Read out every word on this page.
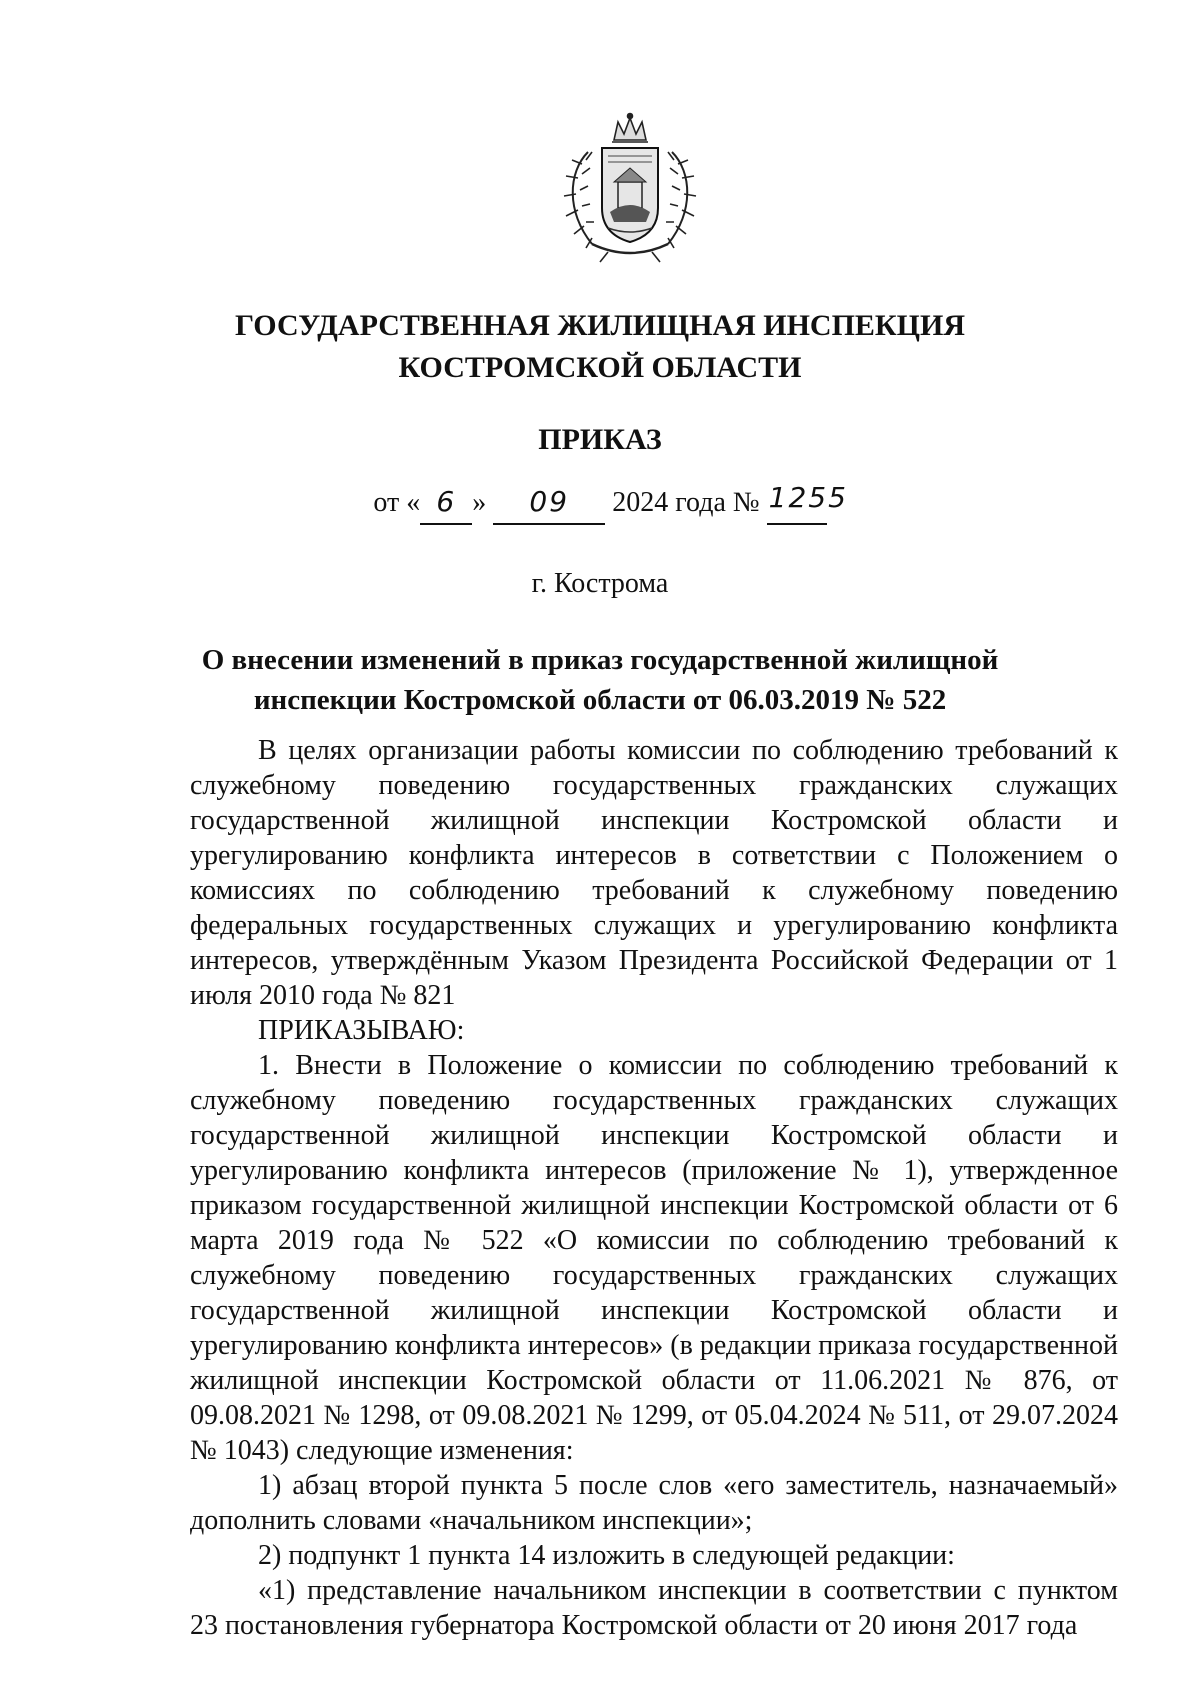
ГОСУДАРСТВЕННАЯ ЖИЛИЩНАЯ ИНСПЕКЦИЯ
КОСТРОМСКОЙ ОБЛАСТИ
ПРИКАЗ
от « 6 » 09 2024 года № 1255
г. Кострома
О внесении изменений в приказ государственной жилищной
инспекции Костромской области от 06.03.2019 № 522

В целях организации работы комиссии по соблюдению требований к служебному поведению государственных гражданских служащих государственной жилищной инспекции Костромской области и урегулированию конфликта интересов в сответствии с Положением о комиссиях по соблюдению требований к служебному поведению федеральных государственных служащих и урегулированию конфликта интересов, утверждённым Указом Президента Российской Федерации от 1 июля 2010 года № 821

ПРИКАЗЫВАЮ:

1. Внести в Положение о комиссии по соблюдению требований к служебному поведению государственных гражданских служащих государственной жилищной инспекции Костромской области и урегулированию конфликта интересов (приложение № 1), утвержденное приказом государственной жилищной инспекции Костромской области от 6 марта 2019 года № 522 «О комиссии по соблюдению требований к служебному поведению государственных гражданских служащих государственной жилищной инспекции Костромской области и урегулированию конфликта интересов» (в редакции приказа государственной жилищной инспекции Костромской области от 11.06.2021 № 876, от 09.08.2021 № 1298, от 09.08.2021 № 1299, от 05.04.2024 № 511, от 29.07.2024 № 1043) следующие изменения:

1) абзац второй пункта 5 после слов «его заместитель, назначаемый» дополнить словами «начальником инспекции»;

2) подпункт 1 пункта 14 изложить в следующей редакции:

«1) представление начальником инспекции в соответствии с пунктом 23 постановления губернатора Костромской области от 20 июня 2017 года
